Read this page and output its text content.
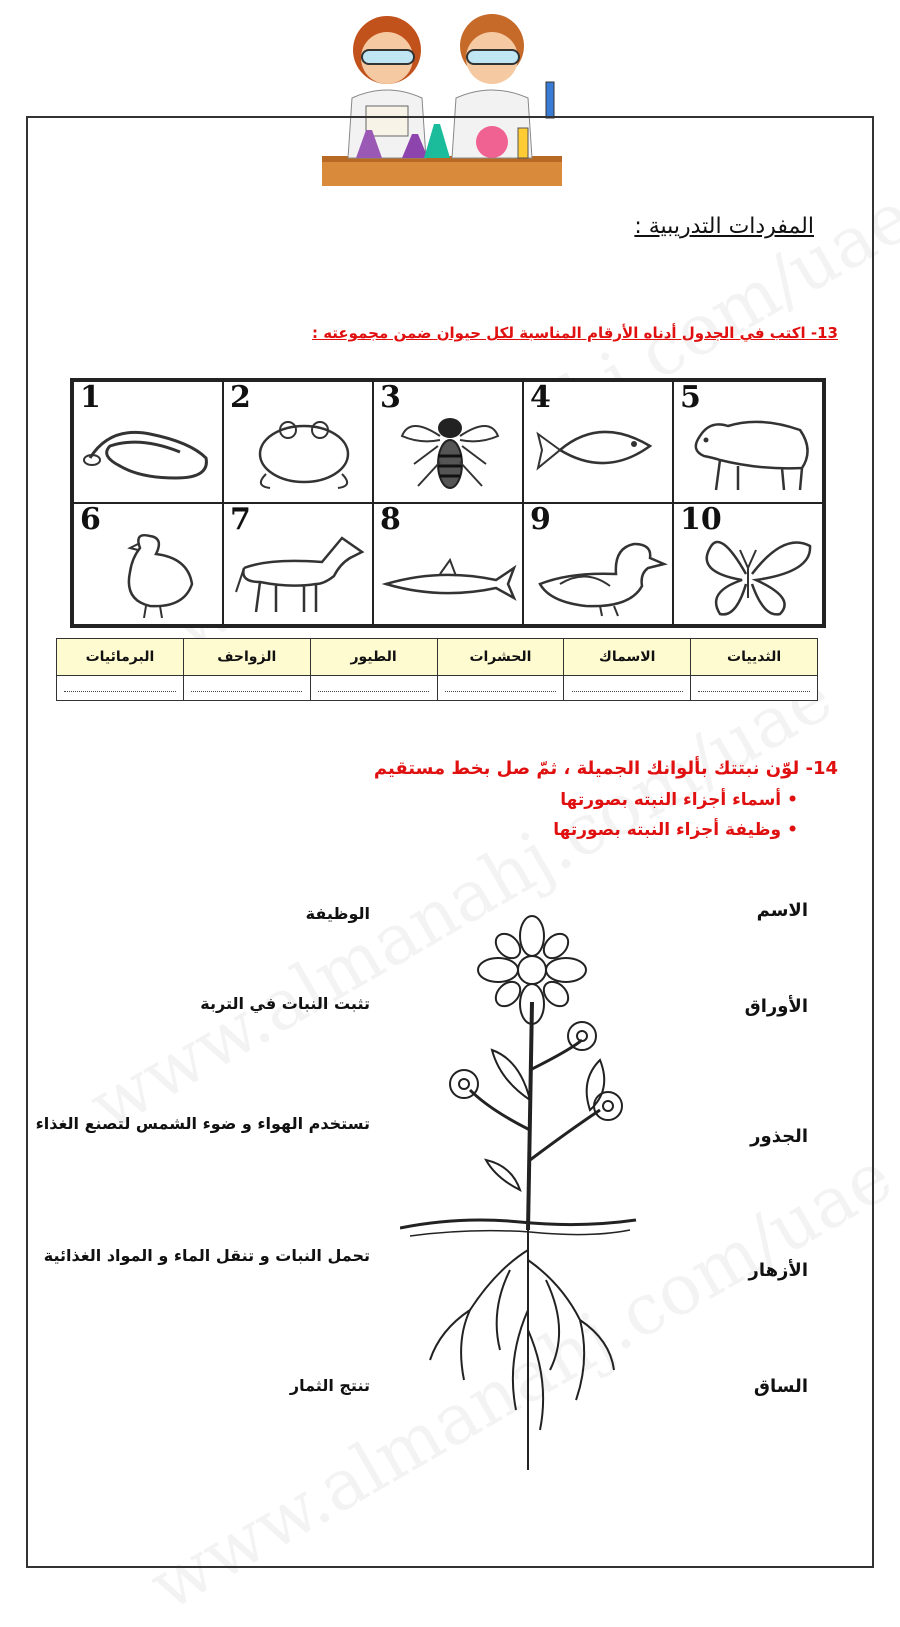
المفردات التدريبية :
13- اكتب في الجدول أدناه الأرقام المناسبة لكل حيوان ضمن مجموعته :
1	2	3	4	5
6	7	8	9	10
الثدييات	الاسماك	الحشرات	الطيور	الزواحف	البرمائيات

14- لوّن نبتتك بألوانك الجميلة ، ثمّ صل بخط مستقيم
• أسماء أجزاء النبته بصورتها
• وظيفة أجزاء النبته بصورتها
الاسم
الأوراق
الجذور
الأزهار
الساق
الوظيفة
تثبت النبات في التربة
تستخدم الهواء و ضوء الشمس لتصنع الغذاء
تحمل النبات و تنقل الماء و المواد الغذائية
تنتج الثمار
